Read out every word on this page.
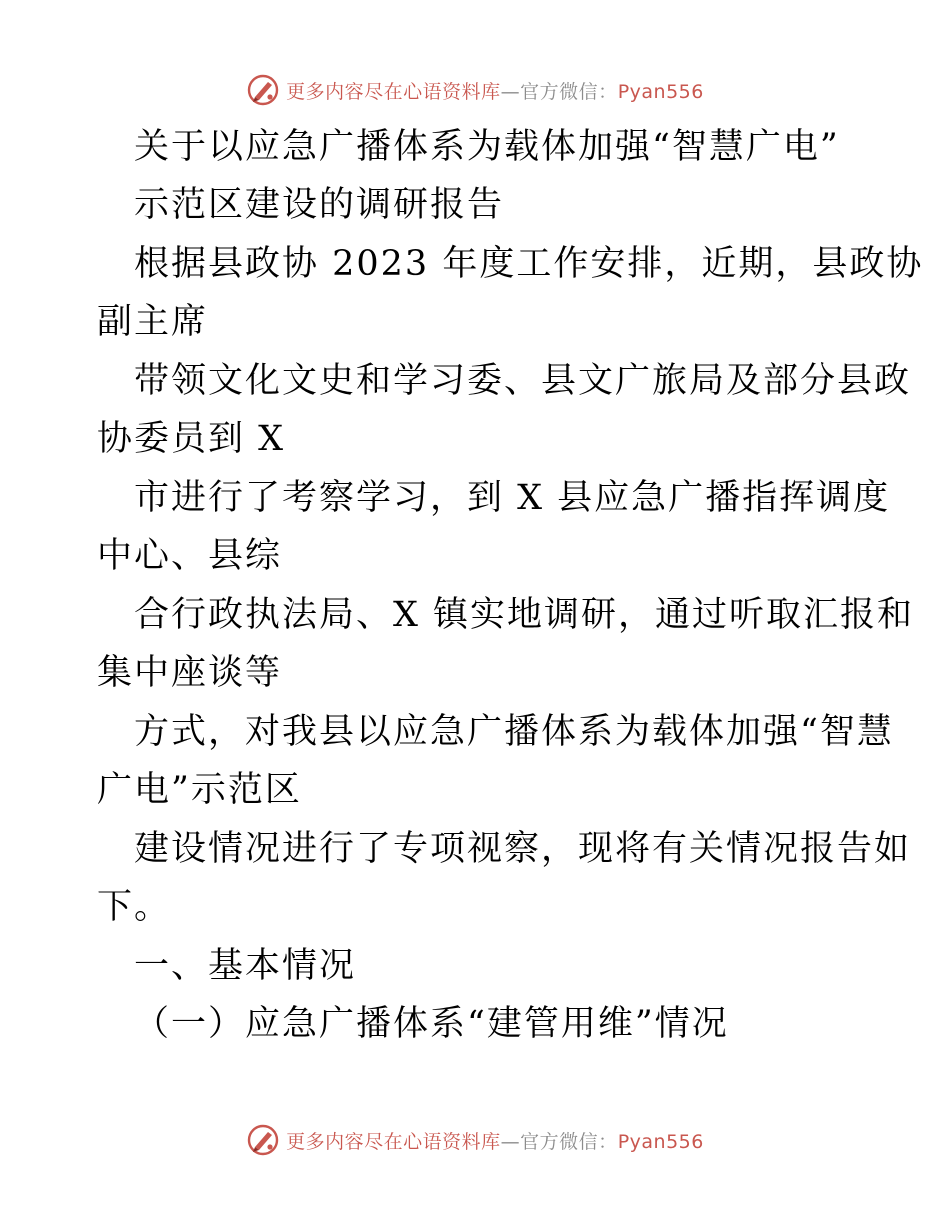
更多内容尽在心语资料库—官方微信：Pyan556
关于以应急广播体系为载体加强“智慧广电”
示范区建设的调研报告
根据县政协 2023 年度工作安排，近期，县政协
副主席
带领文化文史和学习委、县文广旅局及部分县政
协委员到 X
市进行了考察学习，到 X 县应急广播指挥调度
中心、县综
合行政执法局、X 镇实地调研，通过听取汇报和
集中座谈等
方式，对我县以应急广播体系为载体加强“智慧
广电”示范区
建设情况进行了专项视察，现将有关情况报告如
下。
一、基本情况
（一）应急广播体系“建管用维”情况
更多内容尽在心语资料库—官方微信：Pyan556
